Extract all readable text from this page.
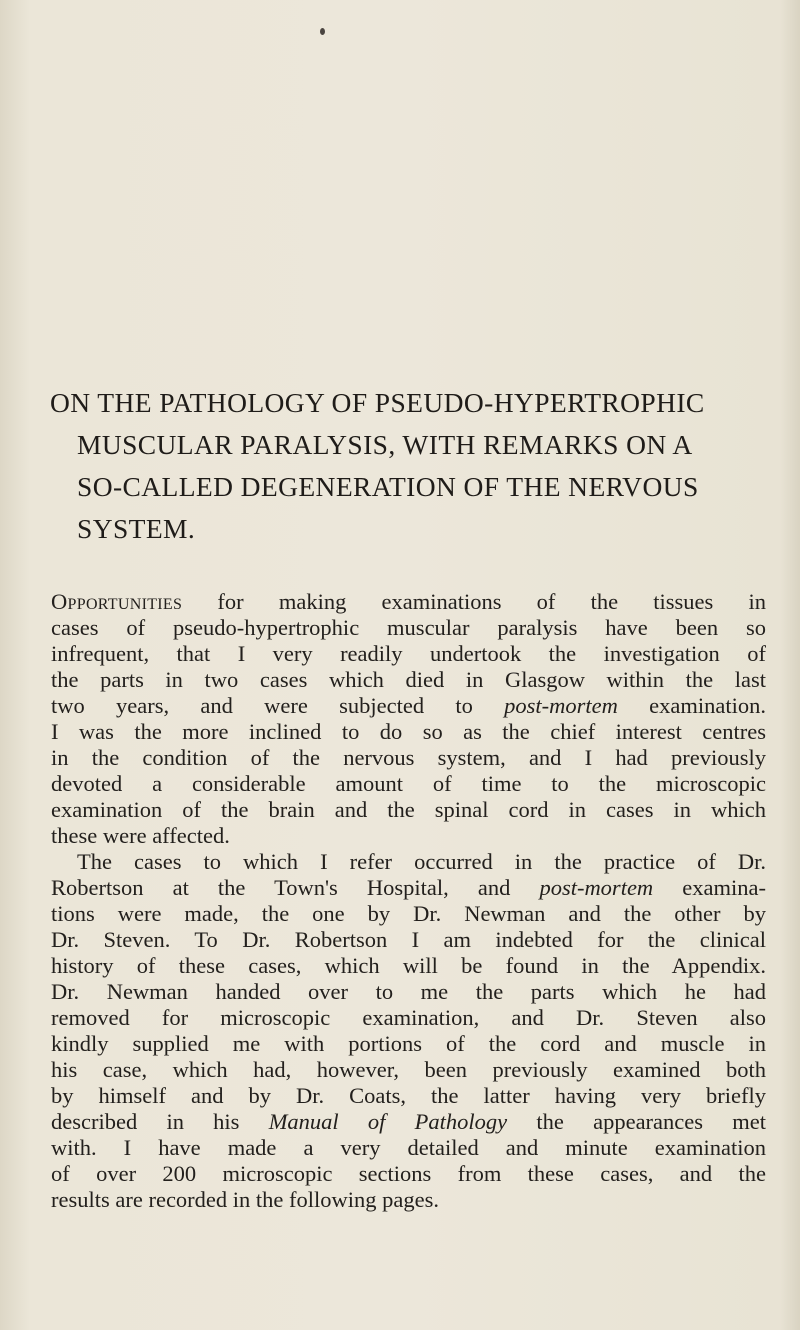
ON THE PATHOLOGY OF PSEUDO-HYPERTROPHIC
MUSCULAR PARALYSIS, WITH REMARKS ON A
SO-CALLED DEGENERATION OF THE NERVOUS
SYSTEM.
Opportunities for making examinations of the tissues in
cases of pseudo-hypertrophic muscular paralysis have been so
infrequent, that I very readily undertook the investigation of
the parts in two cases which died in Glasgow within the last
two years, and were subjected to post-mortem examination.
I was the more inclined to do so as the chief interest centres
in the condition of the nervous system, and I had previously
devoted a considerable amount of time to the microscopic
examination of the brain and the spinal cord in cases in which
these were affected.
The cases to which I refer occurred in the practice of Dr.
Robertson at the Town's Hospital, and post-mortem examina-
tions were made, the one by Dr. Newman and the other by
Dr. Steven. To Dr. Robertson I am indebted for the clinical
history of these cases, which will be found in the Appendix.
Dr. Newman handed over to me the parts which he had
removed for microscopic examination, and Dr. Steven also
kindly supplied me with portions of the cord and muscle in
his case, which had, however, been previously examined both
by himself and by Dr. Coats, the latter having very briefly
described in his Manual of Pathology the appearances met
with. I have made a very detailed and minute examination
of over 200 microscopic sections from these cases, and the
results are recorded in the following pages.
